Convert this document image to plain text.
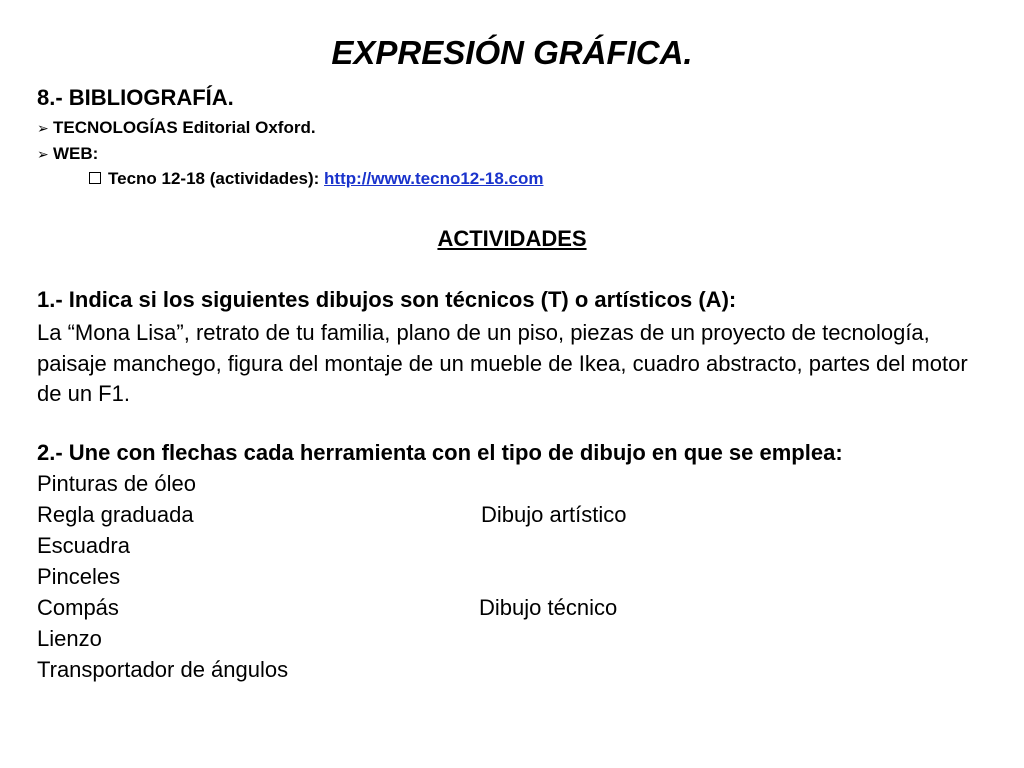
EXPRESIÓN GRÁFICA.
8.- BIBLIOGRAFÍA.
➢ TECNOLOGÍAS Editorial Oxford.
➢ WEB:
Tecno 12-18 (actividades): http://www.tecno12-18.com
ACTIVIDADES
1.- Indica si los siguientes dibujos son técnicos (T) o artísticos (A):
La “Mona Lisa”, retrato de tu familia, plano de un piso, piezas de un proyecto de tecnología, paisaje manchego, figura del montaje de un mueble de Ikea, cuadro abstracto, partes del motor de un F1.
2.- Une con flechas cada herramienta con el tipo de dibujo en que se emplea:
Pinturas de óleo
Regla graduada
Escuadra
Pinceles
Compás
Lienzo
Transportador de ángulos
Dibujo artístico
Dibujo técnico
